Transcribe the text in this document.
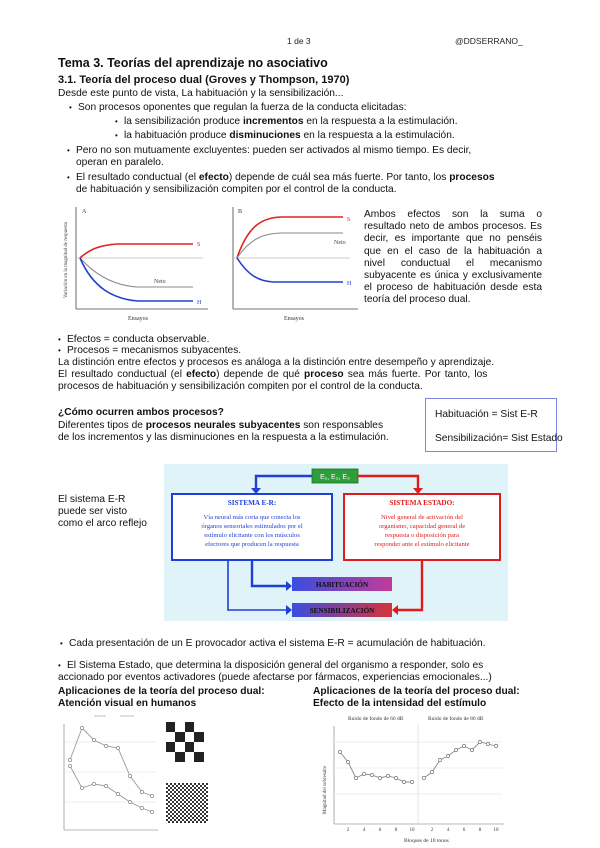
1 de 3	@DDSERRANO_
Tema 3. Teorías del aprendizaje no asociativo
3.1. Teoría del proceso dual (Groves y Thompson, 1970)
Desde este punto de vista, La habituación y la sensibilización...
• Son procesos oponentes que regulan la fuerza de la conducta elicitadas:
• la sensibilización produce incrementos en la respuesta a la estimulación.
• la habituación produce disminuciones en la respuesta a la estimulación.
• Pero no son mutuamente excluyentes: pueden ser activados al mismo tiempo. Es decir,
operan en paralelo.
• El resultado conductual (el efecto) depende de cuál sea más fuerte. Por tanto, los procesos
de habituación y sensibilización compiten por el control de la conducta.
A
S
H
Neto
Ensayos
Variación en la magnitud de respuesta
B
S
H
Neto
Ensayos
Ambos efectos son la suma o resultado neto de ambos procesos. Es decir, es importante que no penséis que en el caso de la habituación a nivel conductual el mecanismo subyacente es única y exclusivamente el proceso de habituación desde esta teoría del proceso dual.
• Efectos = conducta observable.
• Procesos = mecanismos subyacentes.
La distinción entre efectos y procesos es análoga a la distinción entre desempeño y aprendizaje.
El resultado conductual (el efecto) depende de qué proceso sea más fuerte. Por tanto, los
procesos de habituación y sensibilización compiten por el control de la conducta.
¿Cómo ocurren ambos procesos?
Diferentes tipos de procesos neurales subyacentes son responsables
de los incrementos y las disminuciones en la respuesta a la estimulación.
Habituación = Sist E-R
Sensibilización= Sist Estado
El sistema E-R
puede ser visto
como el arco reflejo
E₁, E₂, E₃
SISTEMA E-R:
Vía neural más corta que conecta los
órganos sensoriales estimulados por el
estímulo elicitante con los músculos
efectores que producen la respuesta
SISTEMA ESTADO:
Nivel general de activación del
organismo, capacidad general de
respuesta o disposición para
responder ante el estímulo elicitante
HABITUACIÓN
SENSIBILIZACIÓN
• Cada presentación de un E provocador activa el sistema E-R = acumulación de habituación.
• El Sistema Estado, que determina la disposición general del organismo a responder, solo es
accionado por eventos activadores (puede afectarse por fármacos, experiencias emocionales...)
Aplicaciones de la teoría del proceso dual:
Atención visual en humanos
Aplicaciones de la teoría del proceso dual:
Efecto de la intensidad del estímulo
Ruido de fondo de 60 dB	Ruido de fondo de 80 dB
Magnitud del sobresalto
2	4	6	8 10	2	4	6	8 10
Bloques de 10 tonos
